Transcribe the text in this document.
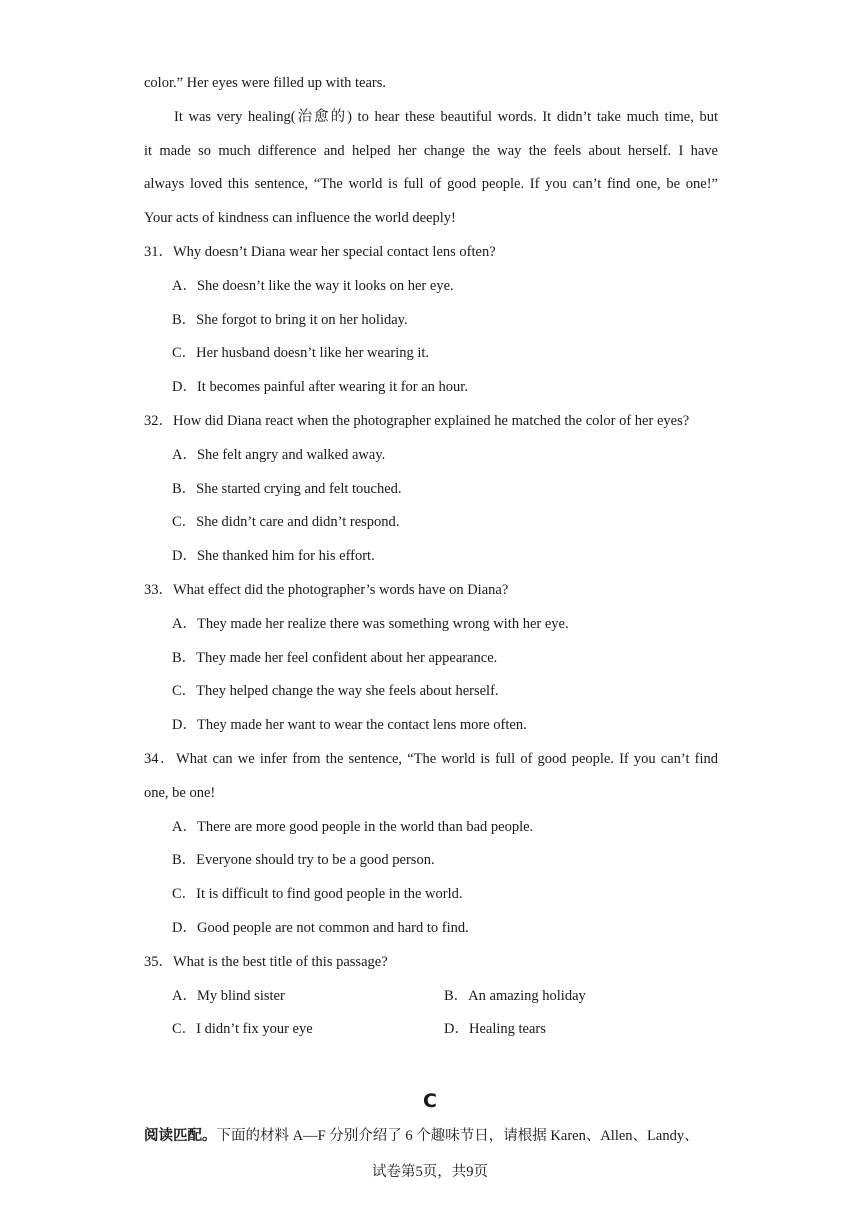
color.” Her eyes were filled up with tears.
It was very healing(治愈的) to hear these beautiful words. It didn’t take much time, but
it made so much difference and helped her change the way the feels about herself. I have
always loved this sentence, “The world is full of good people. If you can’t find one, be one!”
Your acts of kindness can influence the world deeply!
31．Why doesn’t Diana wear her special contact lens often?
A．She doesn’t like the way it looks on her eye.
B．She forgot to bring it on her holiday.
C．Her husband doesn’t like her wearing it.
D．It becomes painful after wearing it for an hour.
32．How did Diana react when the photographer explained he matched the color of her eyes?
A．She felt angry and walked away.
B．She started crying and felt touched.
C．She didn’t care and didn’t respond.
D．She thanked him for his effort.
33．What effect did the photographer’s words have on Diana?
A．They made her realize there was something wrong with her eye.
B．They made her feel confident about her appearance.
C．They helped change the way she feels about herself.
D．They made her want to wear the contact lens more often.
34．What can we infer from the sentence, “The world is full of good people. If you can’t find
one, be one!
A．There are more good people in the world than bad people.
B．Everyone should try to be a good person.
C．It is difficult to find good people in the world.
D．Good people are not common and hard to find.
35．What is the best title of this passage?
A．My blind sister	B．An amazing holiday
C．I didn’t fix your eye	D．Healing tears
C
阅读匹配。下面的材料 A—F 分别介绍了 6 个趣味节日，请根据 Karen、Allen、Landy、
试卷第5页，共9页
